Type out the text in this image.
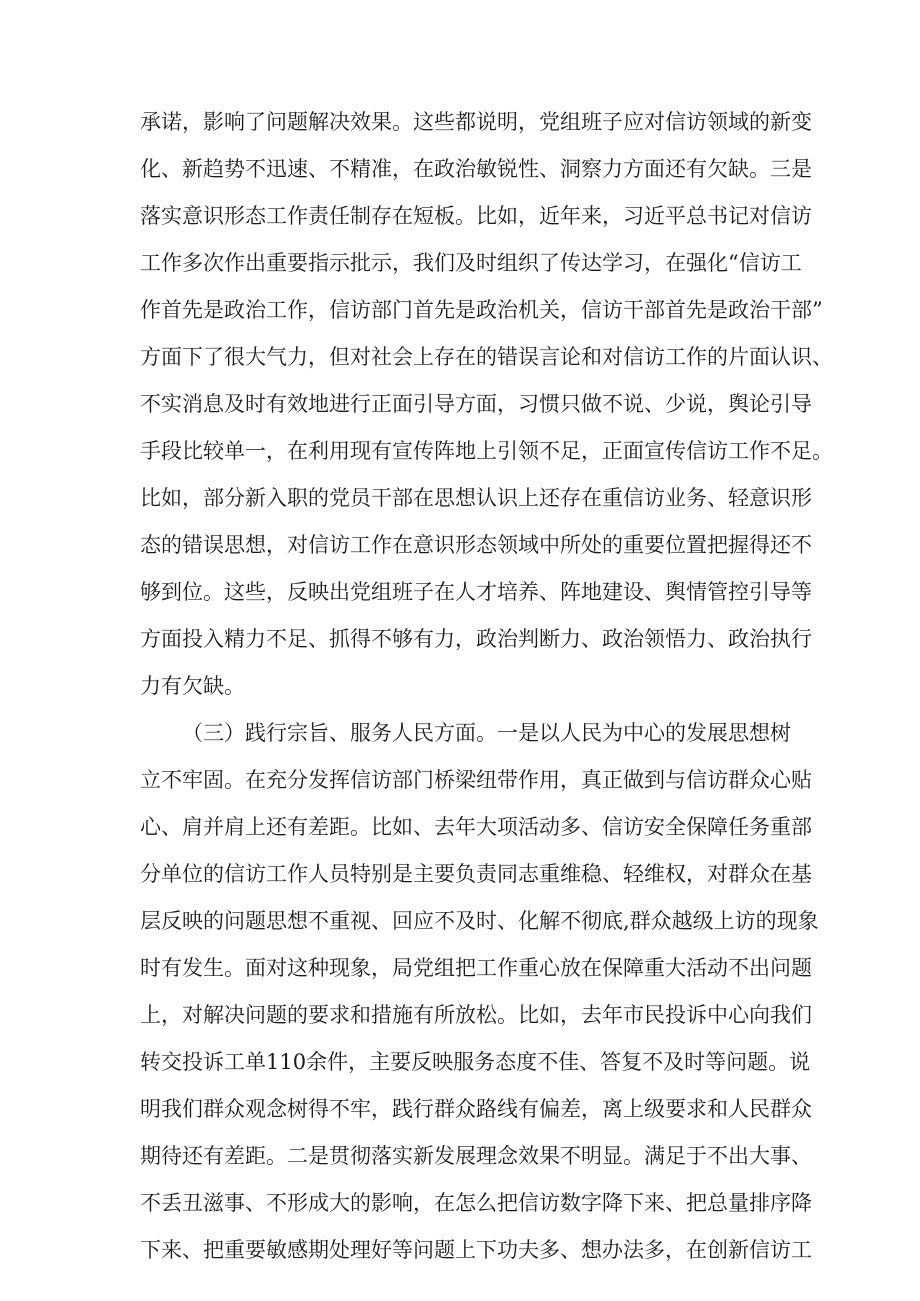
承诺，影响了问题解决效果。这些都说明，党组班子应对信访领域的新变
化、新趋势不迅速、不精准，在政治敏锐性、洞察力方面还有欠缺。三是
落实意识形态工作责任制存在短板。比如，近年来，习近平总书记对信访
工作多次作出重要指示批示，我们及时组织了传达学习，在强化“信访工
作首先是政治工作，信访部门首先是政治机关，信访干部首先是政治干部”
方面下了很大气力，但对社会上存在的错误言论和对信访工作的片面认识、
不实消息及时有效地进行正面引导方面，习惯只做不说、少说，舆论引导
手段比较单一，在利用现有宣传阵地上引领不足，正面宣传信访工作不足。
比如，部分新入职的党员干部在思想认识上还存在重信访业务、轻意识形
态的错误思想，对信访工作在意识形态领域中所处的重要位置把握得还不
够到位。这些，反映出党组班子在人才培养、阵地建设、舆情管控引导等
方面投入精力不足、抓得不够有力，政治判断力、政治领悟力、政治执行
力有欠缺。
（三）践行宗旨、服务人民方面。一是以人民为中心的发展思想树
立不牢固。在充分发挥信访部门桥梁纽带作用，真正做到与信访群众心贴
心、肩并肩上还有差距。比如、去年大项活动多、信访安全保障任务重部
分单位的信访工作人员特别是主要负责同志重维稳、轻维权，对群众在基
层反映的问题思想不重视、回应不及时、化解不彻底,群众越级上访的现象
时有发生。面对这种现象，局党组把工作重心放在保障重大活动不出问题
上，对解决问题的要求和措施有所放松。比如，去年市民投诉中心向我们
转交投诉工单110余件，主要反映服务态度不佳、答复不及时等问题。说
明我们群众观念树得不牢，践行群众路线有偏差，离上级要求和人民群众
期待还有差距。二是贯彻落实新发展理念效果不明显。满足于不出大事、
不丢丑滋事、不形成大的影响，在怎么把信访数字降下来、把总量排序降
下来、把重要敏感期处理好等问题上下功夫多、想办法多，在创新信访工
